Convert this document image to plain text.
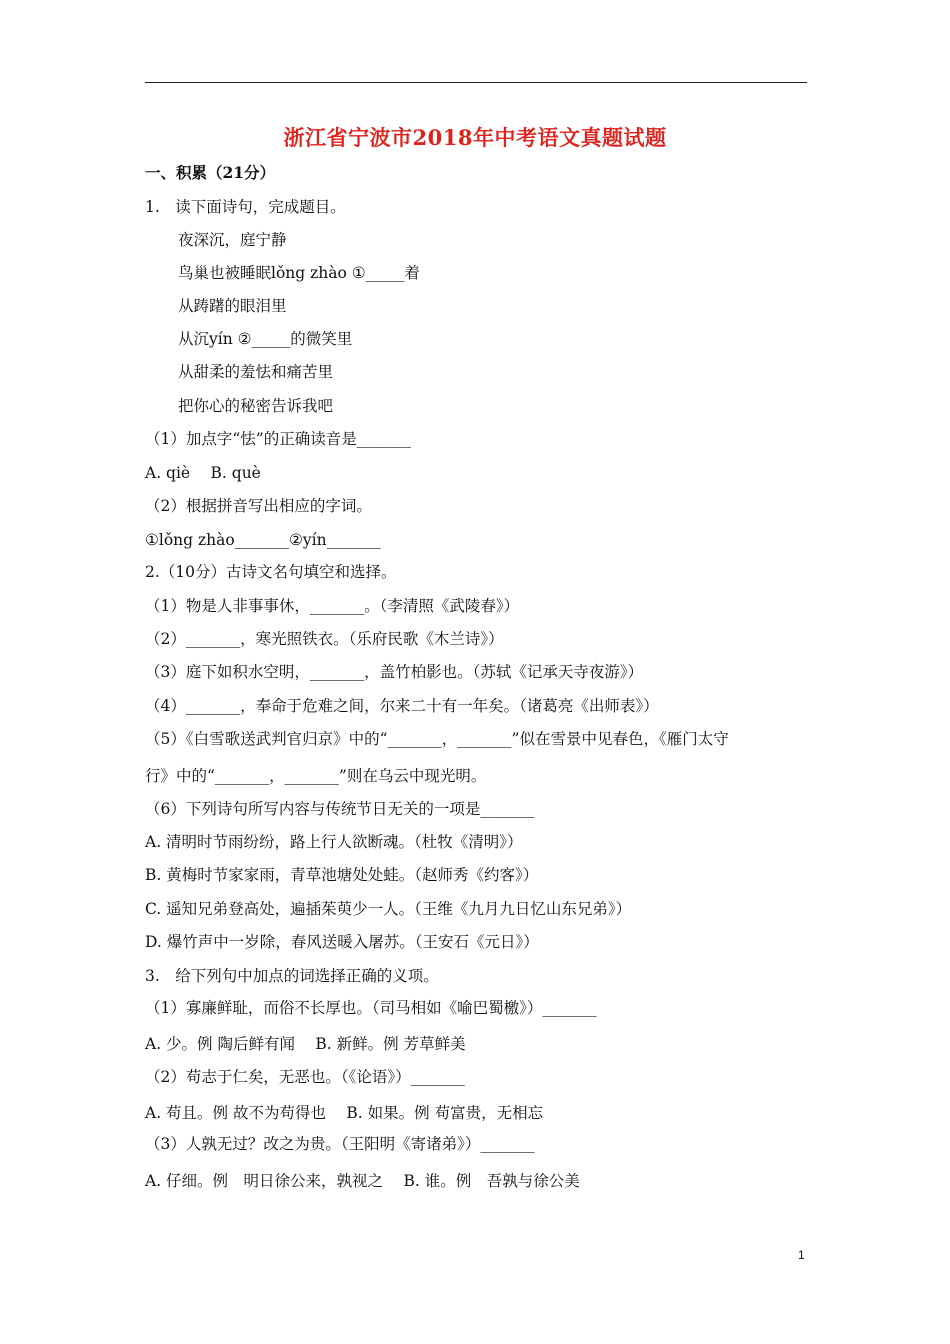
浙江省宁波市2018年中考语文真题试题
一、积累（21分）
1.　读下面诗句，完成题目。
夜深沉，庭宁静
鸟巢也被睡眠lǒng zhào ①_____着
从踌躇的眼泪里
从沉yín ②_____的微笑里
从甜柔的羞怯和痛苦里
把你心的秘密告诉我吧
（1）加点字“怯”的正确读音是_______
A. qiè　 B. què
（2）根据拼音写出相应的字词。
①lǒng zhào_______②yín_______
2.（10分）古诗文名句填空和选择。
（1）物是人非事事休，_______。（李清照《武陵春》）
（2）_______，寒光照铁衣。（乐府民歌《木兰诗》）
（3）庭下如积水空明，_______，盖竹柏影也。（苏轼《记承天寺夜游》）
（4）_______，奉命于危难之间，尔来二十有一年矣。（诸葛亮《出师表》）
（5）《白雪歌送武判官归京》中的“_______，_______”似在雪景中见春色，《雁门太守
行》中的“_______，_______”则在乌云中现光明。
（6）下列诗句所写内容与传统节日无关的一项是_______
A. 清明时节雨纷纷，路上行人欲断魂。（杜牧《清明》）
B. 黄梅时节家家雨，青草池塘处处蛙。（赵师秀《约客》）
C. 遥知兄弟登高处，遍插茱萸少一人。（王维《九月九日忆山东兄弟》）
D. 爆竹声中一岁除，春风送暖入屠苏。（王安石《元日》）
3.　给下列句中加点的词选择正确的义项。
（1）寡廉鲜耻，而俗不长厚也。（司马相如《喻巴蜀檄》）_______
A. 少。例 陶后鲜有闻　 B. 新鲜。例 芳草鲜美
（2）苟志于仁矣，无恶也。（《论语》）_______
A. 苟且。例 故不为苟得也　 B. 如果。例 苟富贵，无相忘
（3）人孰无过？改之为贵。（王阳明《寄诸弟》）_______
A. 仔细。例　明日徐公来，孰视之　 B. 谁。例　吾孰与徐公美
1
